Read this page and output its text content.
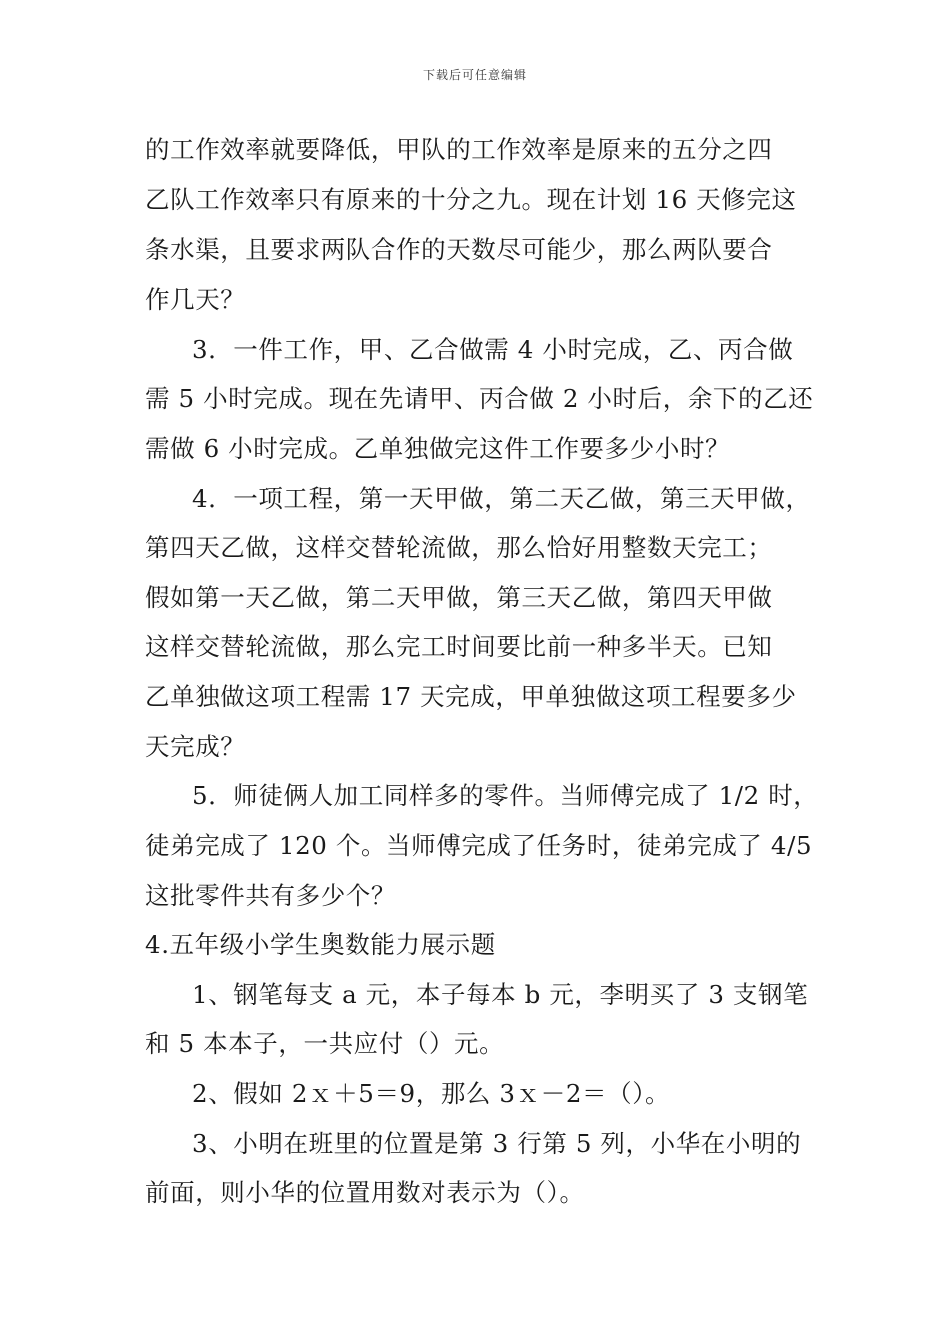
下载后可任意编辑
的工作效率就要降低，甲队的工作效率是原来的五分之四
乙队工作效率只有原来的十分之九。现在计划 16 天修完这
条水渠，且要求两队合作的天数尽可能少，那么两队要合
作几天？
3．一件工作，甲、乙合做需 4 小时完成，乙、丙合做
需 5 小时完成。现在先请甲、丙合做 2 小时后，余下的乙还
需做 6 小时完成。乙单独做完这件工作要多少小时？
4．一项工程，第一天甲做，第二天乙做，第三天甲做，
第四天乙做，这样交替轮流做，那么恰好用整数天完工；
假如第一天乙做，第二天甲做，第三天乙做，第四天甲做
这样交替轮流做，那么完工时间要比前一种多半天。已知
乙单独做这项工程需 17 天完成，甲单独做这项工程要多少
天完成？
5．师徒俩人加工同样多的零件。当师傅完成了 1/2 时，
徒弟完成了 120 个。当师傅完成了任务时，徒弟完成了 4/5
这批零件共有多少个？
4.五年级小学生奥数能力展示题
1、钢笔每支 a 元，本子每本 b 元，李明买了 3 支钢笔
和 5 本本子，一共应付（）元。
2、假如 2ｘ＋5＝9，那么 3ｘ－2＝（）。
3、小明在班里的位置是第 3 行第 5 列，小华在小明的
前面，则小华的位置用数对表示为（）。
